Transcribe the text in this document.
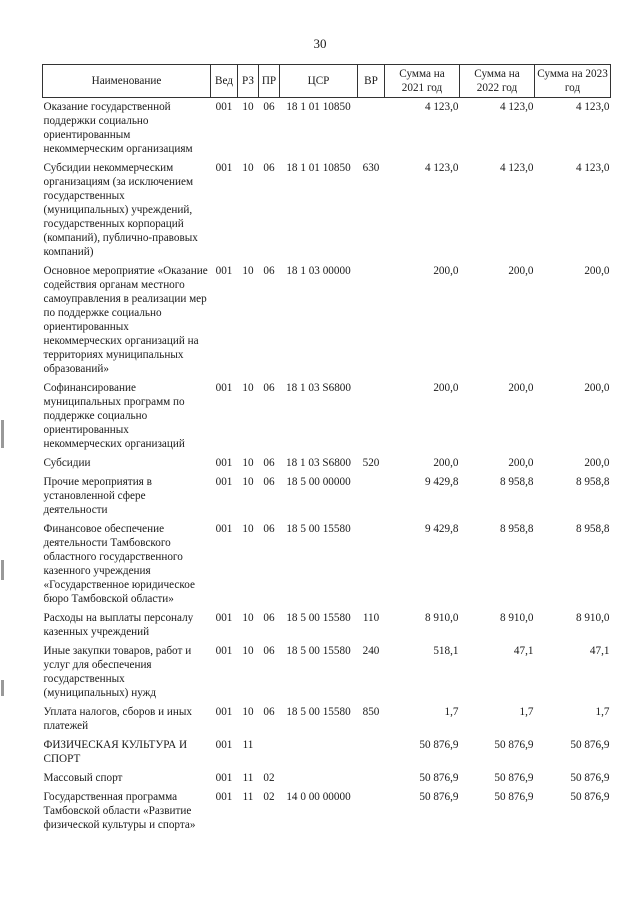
30
Наименование	Вед	РЗ	ПР	ЦСР	ВР	Сумма на 2021 год	Сумма на 2022 год	Сумма на 2023 год
Оказание государственной поддержки социально ориентированным некоммерческим организациям	001	10	06	18 1 01 10850		4 123,0	4 123,0	4 123,0
Субсидии некоммерческим организациям (за исключением государственных (муниципальных) учреждений, государственных корпораций (компаний), публично-правовых компаний)	001	10	06	18 1 01 10850	630	4 123,0	4 123,0	4 123,0
Основное мероприятие «Оказание содействия органам местного самоуправления в реализации мер по поддержке социально ориентированных некоммерческих организаций на территориях муниципальных образований»	001	10	06	18 1 03 00000		200,0	200,0	200,0
Софинансирование муниципальных программ по поддержке социально ориентированных некоммерческих организаций	001	10	06	18 1 03 S6800		200,0	200,0	200,0
Субсидии	001	10	06	18 1 03 S6800	520	200,0	200,0	200,0
Прочие мероприятия в установленной сфере деятельности	001	10	06	18 5 00 00000		9 429,8	8 958,8	8 958,8
Финансовое обеспечение деятельности Тамбовского областного государственного казенного учреждения «Государственное юридическое бюро Тамбовской области»	001	10	06	18 5 00 15580		9 429,8	8 958,8	8 958,8
Расходы на выплаты персоналу казенных учреждений	001	10	06	18 5 00 15580	110	8 910,0	8 910,0	8 910,0
Иные закупки товаров, работ и услуг для обеспечения государственных (муниципальных) нужд	001	10	06	18 5 00 15580	240	518,1	47,1	47,1
Уплата налогов, сборов и иных платежей	001	10	06	18 5 00 15580	850	1,7	1,7	1,7
ФИЗИЧЕСКАЯ КУЛЬТУРА И СПОРТ	001	11				50 876,9	50 876,9	50 876,9
Массовый спорт	001	11	02			50 876,9	50 876,9	50 876,9
Государственная программа Тамбовской области «Развитие физической культуры и спорта»	001	11	02	14 0 00 00000		50 876,9	50 876,9	50 876,9
